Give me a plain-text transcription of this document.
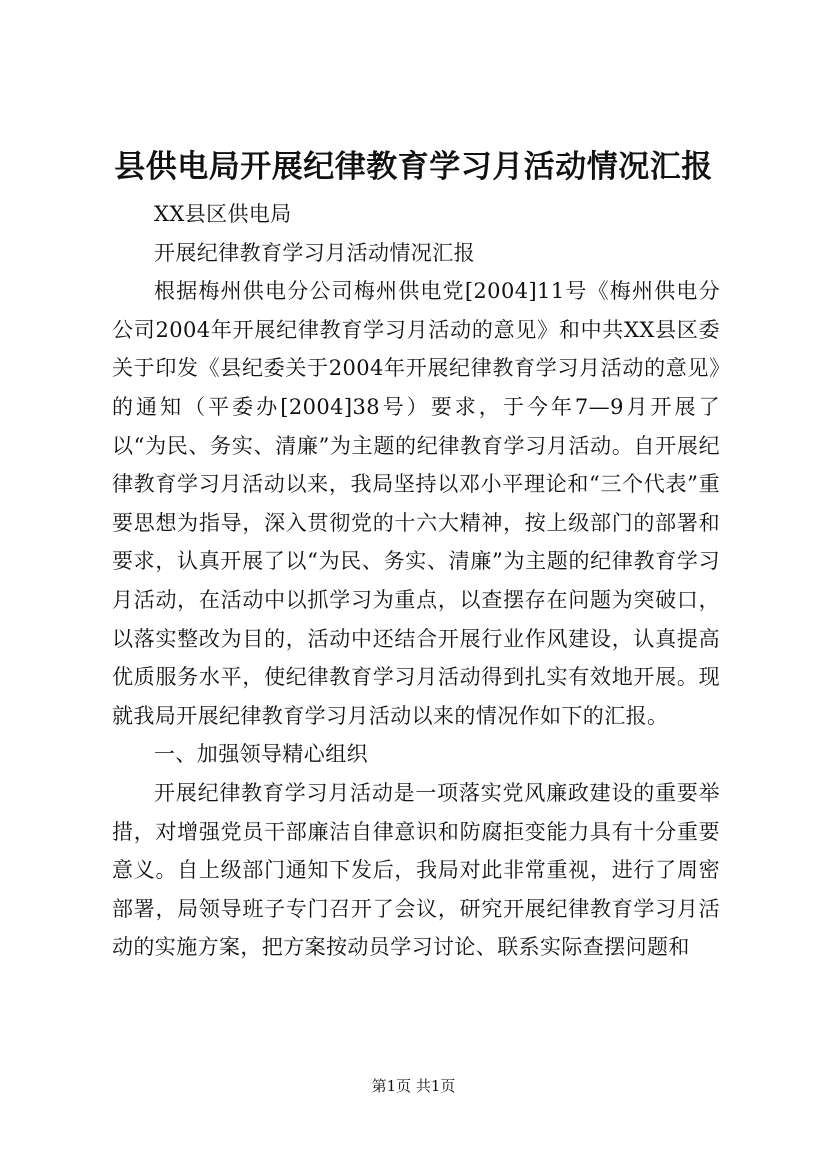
县供电局开展纪律教育学习月活动情况汇报

XX县区供电局

开展纪律教育学习月活动情况汇报

根据梅州供电分公司梅州供电党[2004]11号《梅州供电分公司2004年开展纪律教育学习月活动的意见》和中共XX县区委关于印发《县纪委关于2004年开展纪律教育学习月活动的意见》的通知（平委办[2004]38号）要求，于今年7—9月开展了以“为民、务实、清廉”为主题的纪律教育学习月活动。自开展纪律教育学习月活动以来，我局坚持以邓小平理论和“三个代表”重要思想为指导，深入贯彻党的十六大精神，按上级部门的部署和要求，认真开展了以“为民、务实、清廉”为主题的纪律教育学习月活动，在活动中以抓学习为重点，以查摆存在问题为突破口，以落实整改为目的，活动中还结合开展行业作风建设，认真提高优质服务水平，使纪律教育学习月活动得到扎实有效地开展。现就我局开展纪律教育学习月活动以来的情况作如下的汇报。

一、加强领导精心组织

开展纪律教育学习月活动是一项落实党风廉政建设的重要举措，对增强党员干部廉洁自律意识和防腐拒变能力具有十分重要意义。自上级部门通知下发后，我局对此非常重视，进行了周密部署，局领导班子专门召开了会议，研究开展纪律教育学习月活动的实施方案，把方案按动员学习讨论、联系实际查摆问题和

第1页 共1页
